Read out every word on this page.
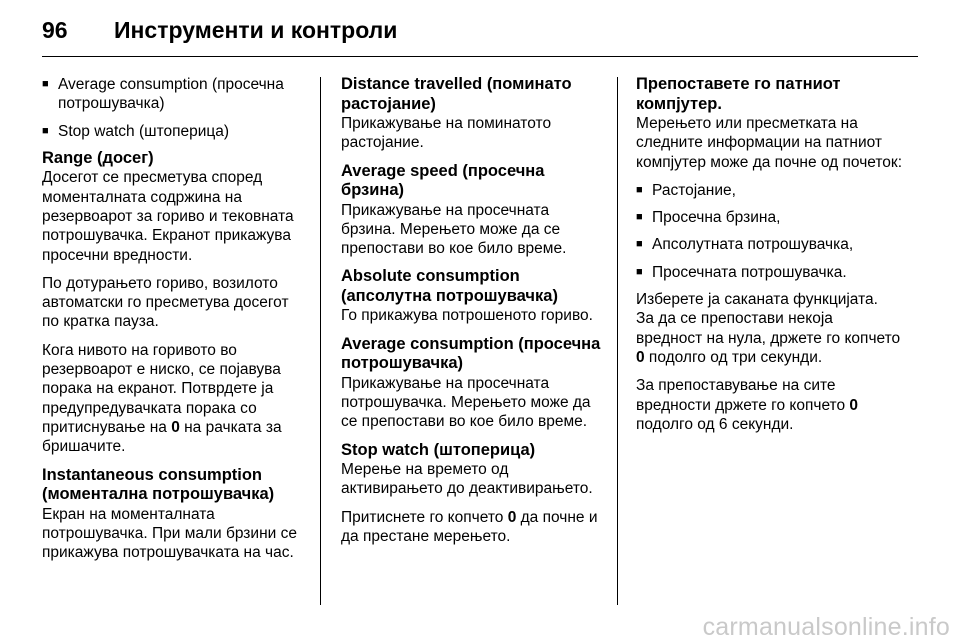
96	Инструменти и контроли
■ Average consumption (просечна потрошувачка)
■ Stop watch (штоперица)
Range (досег)

Досегот се пресметува според моменталната содржина на резервоарот за гориво и тековната потрошувачка. Екранот прикажува просечни вредности.

По дотурањето гориво, возилото автоматски го пресметува досегот по кратка пауза.

Кога нивото на горивото во резервоарот е ниско, се појавува порака на екранот. Потврдете ја предупредувачката порака со притиснување на 0 на рачката за бришачите.

Instantaneous consumption (моментална потрошувачка)

Екран на моменталната потрошувачка. При мали брзини се прикажува потрошувачката на час.

Distance travelled (поминато растојание)

Прикажување на поминатото растојание.

Average speed (просечна брзина)

Прикажување на просечната брзина. Мерењето може да се препостави во кое било време.

Absolute consumption (апсолутна потрошувачка)

Го прикажува потрошеното гориво.

Average consumption (просечна потрошувачка)

Прикажување на просечната потрошувачка. Мерењето може да се препостави во кое било време.

Stop watch (штоперица)

Мерење на времето од активирањето до деактивирањето.

Притиснете го копчето 0 да почне и да престане мерењето.

Препоставете го патниот компјутер.

Мерењето или пресметката на следните информации на патниот компјутер може да почне од почеток:

■ Растојание,
■ Просечна брзина,
■ Апсолутната потрошувачка,
■ Просечната потрошувачка.

Изберете ја саканата функцијата.
За да се препостави некоја вредност на нула, држете го копчето 0 подолго од три секунди.

За препоставување на сите вредности држете го копчето 0 подолго од 6 секунди.

carmanualsonline.info
